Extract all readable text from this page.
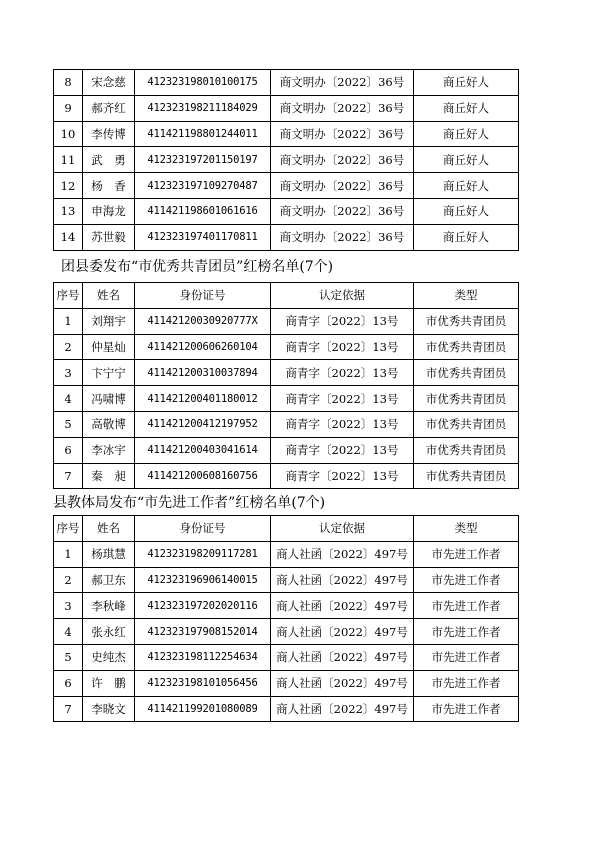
8	宋念慈	412323198010100175	商文明办〔2022〕36号	商丘好人
9	郝齐红	412323198211184029	商文明办〔2022〕36号	商丘好人
10	李传博	411421198801244011	商文明办〔2022〕36号	商丘好人
11	武　勇	412323197201150197	商文明办〔2022〕36号	商丘好人
12	杨　香	412323197109270487	商文明办〔2022〕36号	商丘好人
13	申海龙	411421198601061616	商文明办〔2022〕36号	商丘好人
14	苏世毅	412323197401170811	商文明办〔2022〕36号	商丘好人
团县委发布“市优秀共青团员”红榜名单(7个)
序号	姓名	身份证号	认定依据	类型
1	刘翔宇	41142120030920777X	商青字〔2022〕13号	市优秀共青团员
2	仲星灿	411421200606260104	商青字〔2022〕13号	市优秀共青团员
3	卞宁宁	411421200310037894	商青字〔2022〕13号	市优秀共青团员
4	冯啸博	411421200401180012	商青字〔2022〕13号	市优秀共青团员
5	高敬博	411421200412197952	商青字〔2022〕13号	市优秀共青团员
6	李冰宇	411421200403041614	商青字〔2022〕13号	市优秀共青团员
7	秦　昶	411421200608160756	商青字〔2022〕13号	市优秀共青团员
县教体局发布“市先进工作者”红榜名单(7个)
序号	姓名	身份证号	认定依据	类型
1	杨琪慧	412323198209117281	商人社函〔2022〕497号	市先进工作者
2	郝卫东	412323196906140015	商人社函〔2022〕497号	市先进工作者
3	李秋峰	412323197202020116	商人社函〔2022〕497号	市先进工作者
4	张永红	412323197908152014	商人社函〔2022〕497号	市先进工作者
5	史纯杰	412323198112254634	商人社函〔2022〕497号	市先进工作者
6	许　鹏	412323198101056456	商人社函〔2022〕497号	市先进工作者
7	李晓文	411421199201080089	商人社函〔2022〕497号	市先进工作者
